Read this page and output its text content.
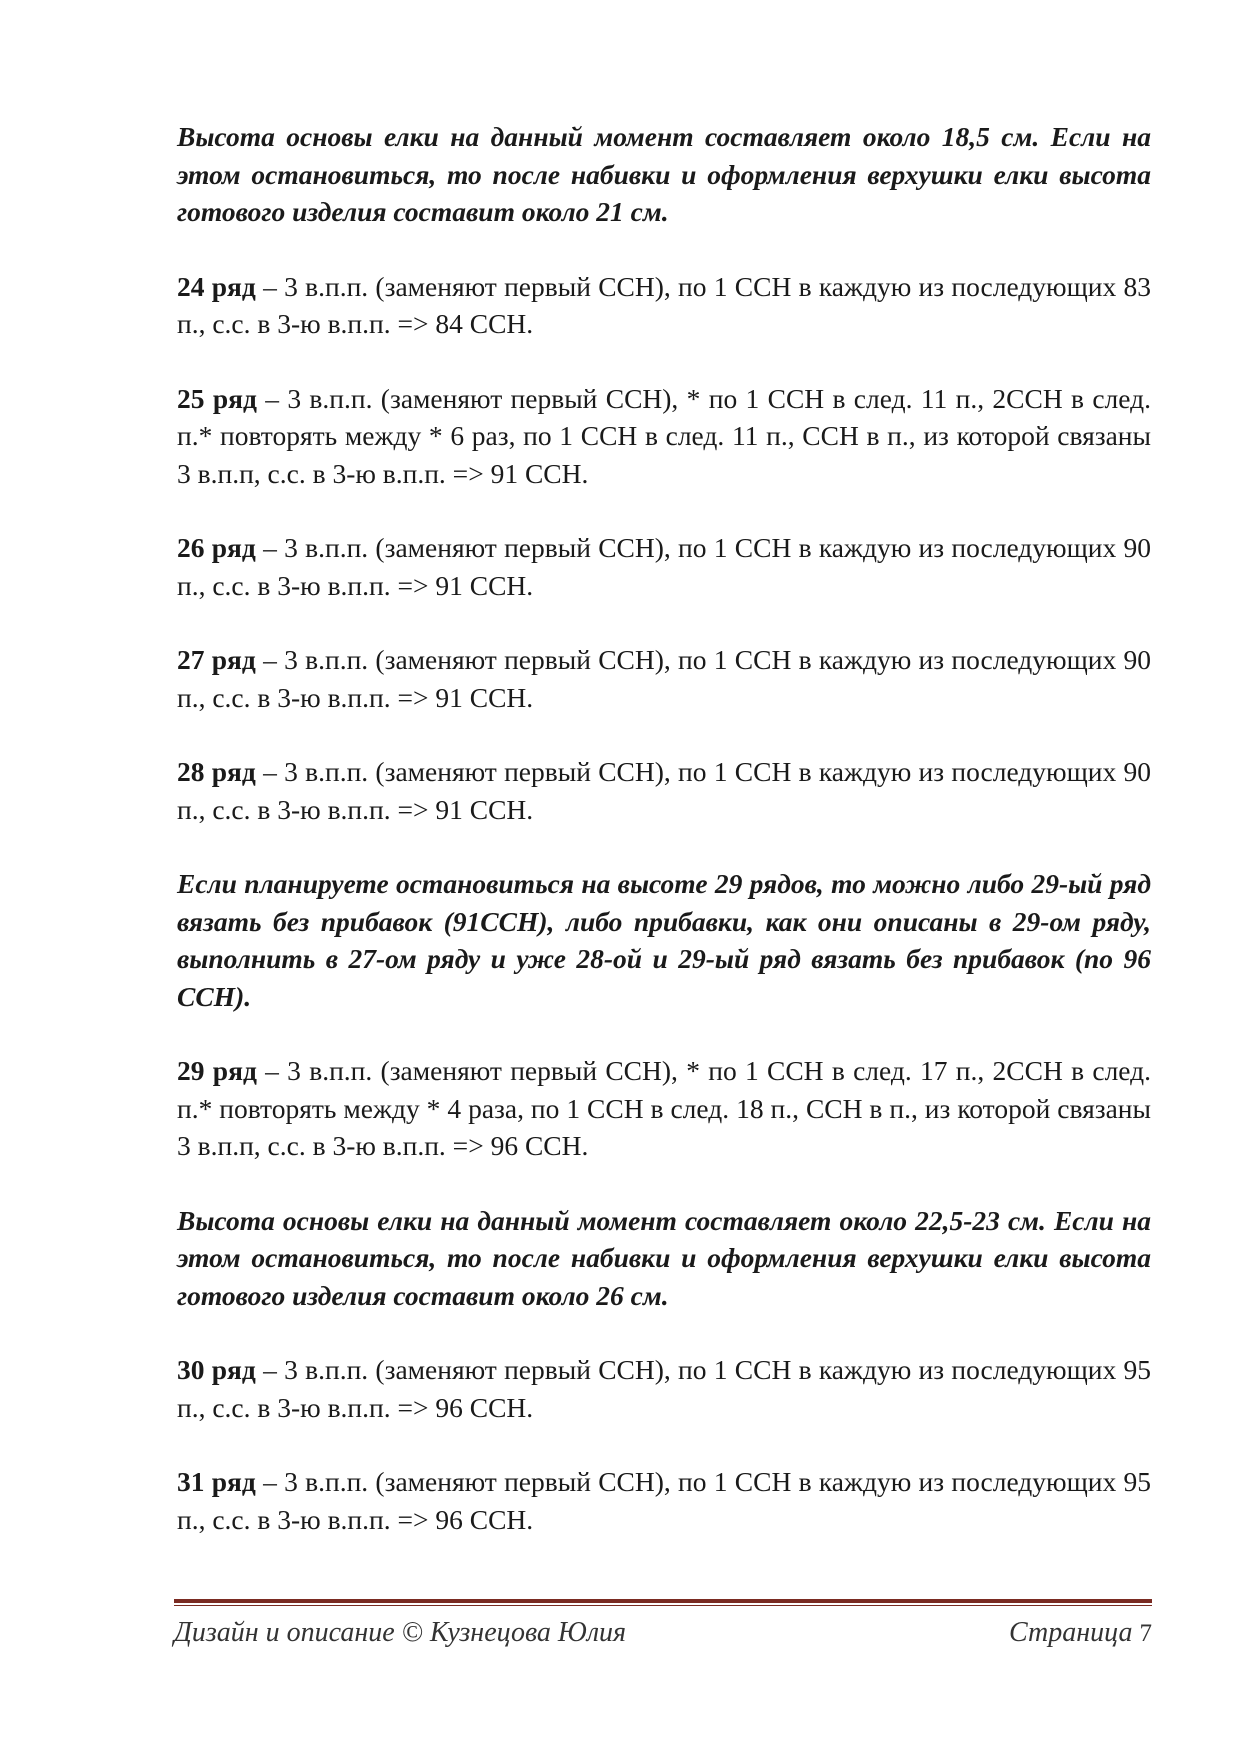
Высота основы елки на данный момент составляет около 18,5 см. Если на этом остановиться, то после набивки и оформления верхушки елки высота готового изделия составит около 21 см.

24 ряд – 3 в.п.п. (заменяют первый ССН), по 1 ССН в каждую из последующих 83 п., с.с. в 3-ю в.п.п. => 84 ССН.

25 ряд – 3 в.п.п. (заменяют первый ССН), * по 1 ССН в след. 11 п., 2ССН в след. п.* повторять между * 6 раз, по 1 ССН в след. 11 п., ССН в п., из которой связаны 3 в.п.п, с.с. в 3-ю в.п.п. => 91 ССН.

26 ряд – 3 в.п.п. (заменяют первый ССН), по 1 ССН в каждую из последующих 90 п., с.с. в 3-ю в.п.п. => 91 ССН.

27 ряд – 3 в.п.п. (заменяют первый ССН), по 1 ССН в каждую из последующих 90 п., с.с. в 3-ю в.п.п. => 91 ССН.

28 ряд – 3 в.п.п. (заменяют первый ССН), по 1 ССН в каждую из последующих 90 п., с.с. в 3-ю в.п.п. => 91 ССН.

Если планируете остановиться на высоте 29 рядов, то можно либо 29-ый ряд вязать без прибавок (91ССН), либо прибавки, как они описаны в 29-ом ряду, выполнить в 27-ом ряду и уже 28-ой и 29-ый ряд вязать без прибавок (по 96 ССН).

29 ряд – 3 в.п.п. (заменяют первый ССН), * по 1 ССН в след. 17 п., 2ССН в след. п.* повторять между * 4 раза, по 1 ССН в след. 18 п., ССН в п., из которой связаны 3 в.п.п, с.с. в 3-ю в.п.п. => 96 ССН.

Высота основы елки на данный момент составляет около 22,5-23 см. Если на этом остановиться, то после набивки и оформления верхушки елки высота готового изделия составит около 26 см.

30 ряд – 3 в.п.п. (заменяют первый ССН), по 1 ССН в каждую из последующих 95 п., с.с. в 3-ю в.п.п. => 96 ССН.

31 ряд – 3 в.п.п. (заменяют первый ССН), по 1 ССН в каждую из последующих 95 п., с.с. в 3-ю в.п.п. => 96 ССН.

Дизайн и описание © Кузнецова Юлия	Страница 7
